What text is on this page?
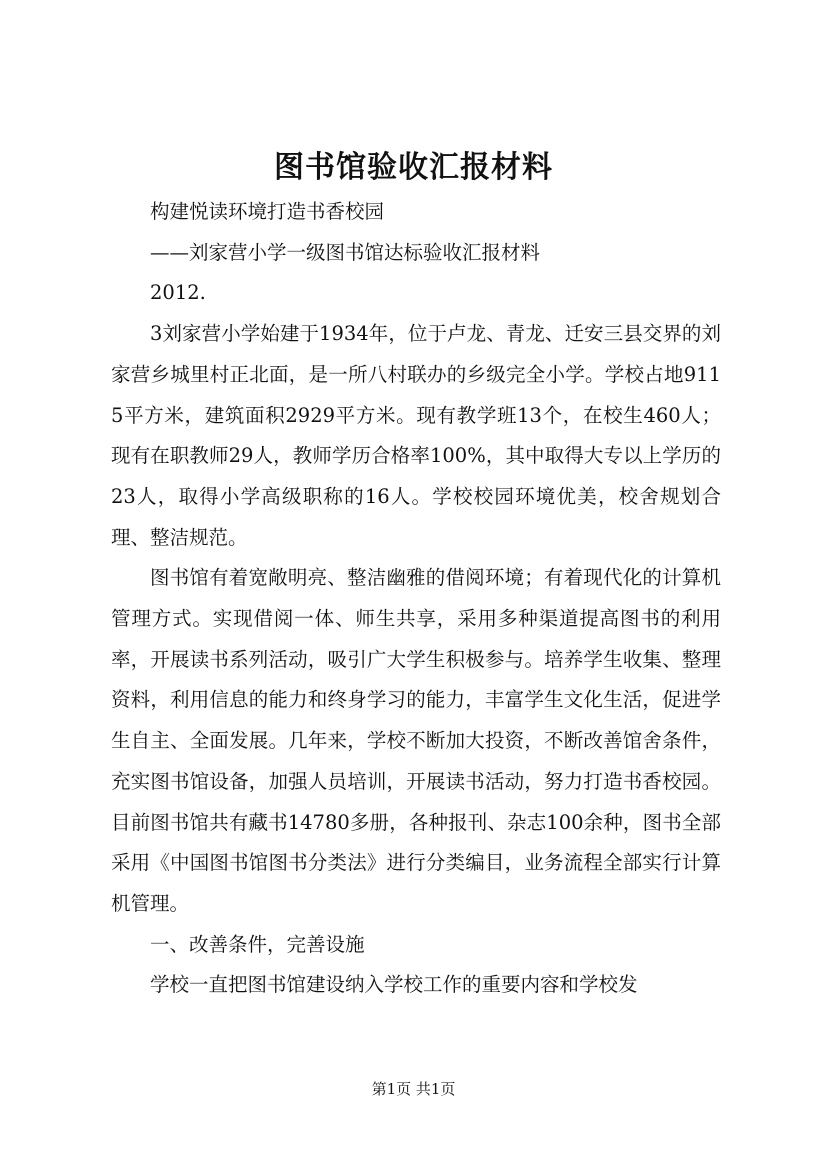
图书馆验收汇报材料

构建悦读环境打造书香校园

——刘家营小学一级图书馆达标验收汇报材料

2012.

3刘家营小学始建于1934年，位于卢龙、青龙、迁安三县交界的刘家营乡城里村正北面，是一所八村联办的乡级完全小学。学校占地9115平方米，建筑面积2929平方米。现有教学班13个，在校生460人；现有在职教师29人，教师学历合格率100%，其中取得大专以上学历的23人，取得小学高级职称的16人。学校校园环境优美，校舍规划合理、整洁规范。

图书馆有着宽敞明亮、整洁幽雅的借阅环境；有着现代化的计算机管理方式。实现借阅一体、师生共享，采用多种渠道提高图书的利用率，开展读书系列活动，吸引广大学生积极参与。培养学生收集、整理资料，利用信息的能力和终身学习的能力，丰富学生文化生活，促进学生自主、全面发展。几年来，学校不断加大投资，不断改善馆舍条件，充实图书馆设备，加强人员培训，开展读书活动，努力打造书香校园。目前图书馆共有藏书14780多册，各种报刊、杂志100余种，图书全部采用《中国图书馆图书分类法》进行分类编目，业务流程全部实行计算机管理。

一、改善条件，完善设施

学校一直把图书馆建设纳入学校工作的重要内容和学校发

第1页 共1页
